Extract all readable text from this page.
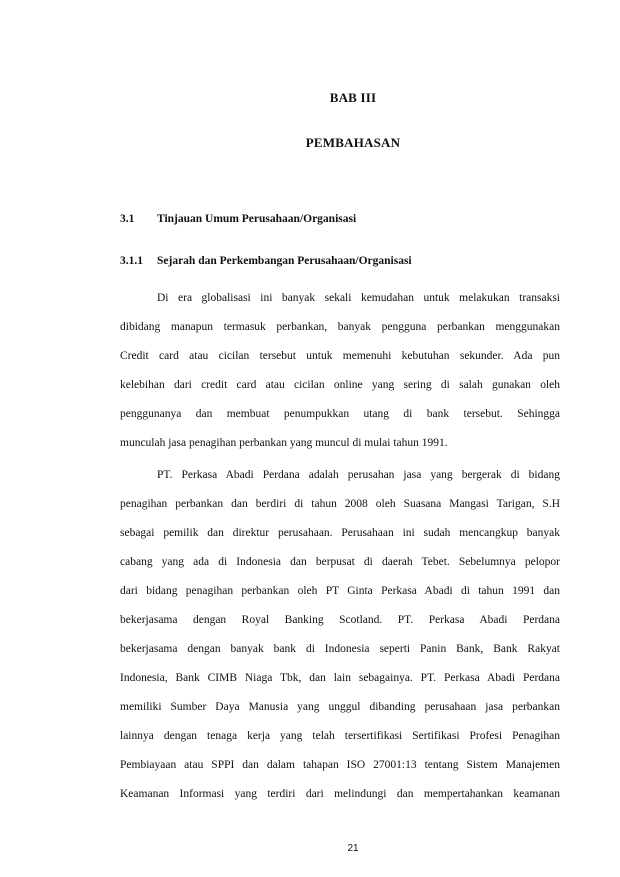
BAB III
PEMBAHASAN
3.1 Tinjauan Umum Perusahaan/Organisasi
3.1.1 Sejarah dan Perkembangan Perusahaan/Organisasi
Di era globalisasi ini banyak sekali kemudahan untuk melakukan transaksi
dibidang manapun termasuk perbankan, banyak pengguna perbankan menggunakan
Credit card atau cicilan tersebut untuk memenuhi kebutuhan sekunder. Ada pun
kelebihan dari credit card atau cicilan online yang sering di salah gunakan oleh
penggunanya dan membuat penumpukkan utang di bank tersebut. Sehingga
munculah jasa penagihan perbankan yang muncul di mulai tahun 1991.
PT. Perkasa Abadi Perdana adalah perusahan jasa yang bergerak di bidang
penagihan perbankan dan berdiri di tahun 2008 oleh Suasana Mangasi Tarigan, S.H
sebagai pemilik dan direktur perusahaan. Perusahaan ini sudah mencangkup banyak
cabang yang ada di Indonesia dan berpusat di daerah Tebet. Sebelumnya pelopor
dari bidang penagihan perbankan oleh PT Ginta Perkasa Abadi di tahun 1991 dan
bekerjasama dengan Royal Banking Scotland. PT. Perkasa Abadi Perdana
bekerjasama dengan banyak bank di Indonesia seperti Panin Bank, Bank Rakyat
Indonesia, Bank CIMB Niaga Tbk, dan lain sebagainya. PT. Perkasa Abadi Perdana
memiliki Sumber Daya Manusia yang unggul dibanding perusahaan jasa perbankan
lainnya dengan tenaga kerja yang telah tersertifikasi Sertifikasi Profesi Penagihan
Pembiayaan atau SPPI dan dalam tahapan ISO 27001:13 tentang Sistem Manajemen
Keamanan Informasi yang terdiri dari melindungi dan mempertahankan keamanan
21
